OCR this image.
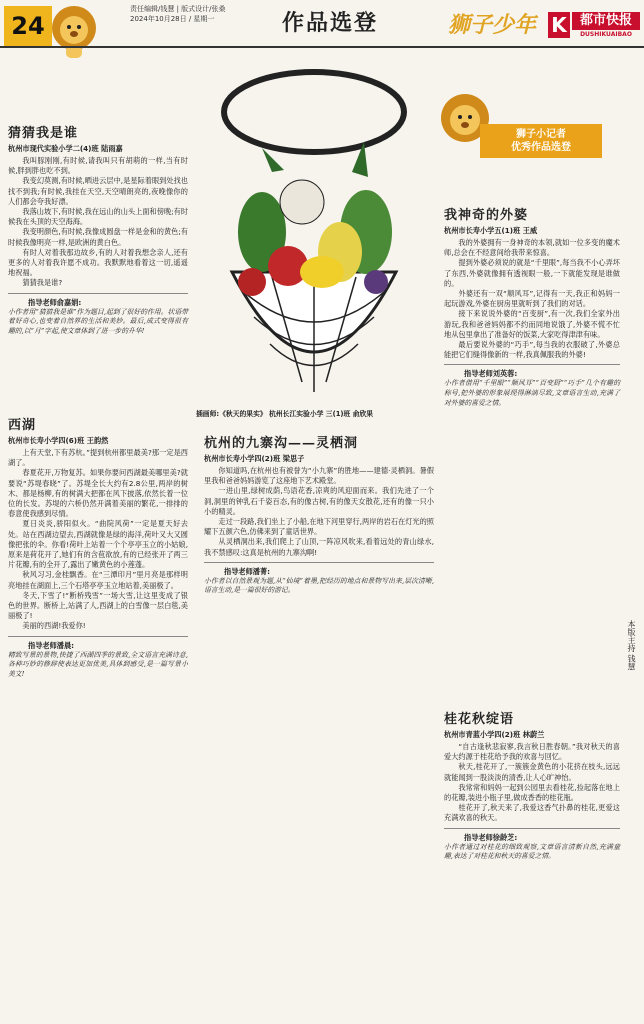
24
责任编辑/钱慧 | 版式设计/张桑
2024年10月28日 / 星期一	作品选登	狮子少年 K	都市快报
DUSHIKUAIBAO
猜猜我是谁
杭州市现代实验小学二(4)班 陆雨嘉

我叫豚刚刚,有时候,请我叫只有胡萌的一样,当有时候,胖到胖也吃不到。

我变幻莫测,有时候,晒进云层中,是星际着眼到处找也找不到我;有时候,我挂在天空,天空晴朗亮的,夜晚像你的人们都会夸我好漂。

我落山坡下,有时候,我在远山的山头上面和傍晚;有时候我在头顶的天空海海。

我变明颜色,有时候,我像成圆盘一样是金和的黄色;有时候我像明亮一样,是欧洲的黄白色。

有时人对着我那边故乡,有的人对着我想念亲人,还有更多的人对着我许愿不成功。我默默地看着这一切,遥遥地祝福。

猜猜我是谁?

指导老师俞嘉娟:
小作者用“猜猜我是谁”作为题目,起到了很好的作用。状语带着好奇心,也变着自然界的生活和美妙。最后,成式变得很有趣的,以“月”字起,使文章体到了进一步的升华!
西湖
杭州市长寿小学四(6)班 王韵然

上有天堂,下有苏杭。”提到杭州都里最美?那一定是西湖了。

春夏花开,万物复苏。如果你要问西湖最美哪里美?就要说“苏堤春晓”了。苏堤全长大约有2.8公里,两岸的树木、都是杨柳,有的树满大把都在风下披落,依然长着一位位的长发。苏堤的六桥仍然开满着美丽的繁花,一排排的春意使我感到尽情。

夏日炎炎,骄阳似火。“曲院风荷”一定是夏天好去处。站在西湖边望去,西湖就像是绿的海洋,荷叶又大又圆像把张的伞。你看!荷叶上站着一个个亭亭玉立的小姑娘,原来是荷花开了,她们有的含苞欲放,有的已经张开了两三片花瓣,有的全开了,露出了嫩黄色的小莲蓬。

秋风习习,金桂飘香。在“三潭印月”里月亮是那样明亮地挂在湖面上,三个石塔亭亭玉立地站着,美丽极了。

冬天,下雪了!“断桥残雪”一场大雪,让这里变成了银色的世界。断桥上,站满了人,西湖上的白雪像一层白毯,美丽极了!

美丽的西湖!我爱你!

指导老师潘晨:
精致写景的景物,快捷了西湖四季的景致,全文语言充满诗意,各种巧妙的修辞使表达更加优美,具体到感受,是一篇写景小美文!
插画师:《秋天的果实》 杭州长江实验小学 三(1)班 俞欣果
杭州的九寨沟——灵栖洞
杭州市长寿小学四(2)班 梁思子

你知道吗,在杭州也有被誉为“小九寨”的胜地——建德·灵栖洞。暑假里我和爸爸妈妈游览了这座地下艺术殿堂。

一进山里,绿树成荫,鸟语花香,凉爽的风迎面而来。我们先进了一个洞,洞里的钟乳石千姿百态,有的像古树,有的像天女散花,还有的像一只小小的精灵。

走过一段路,我们坐上了小船,在地下河里穿行,两岸的岩石在灯光的照耀下五颜六色,仿佛来到了童话世界。

从灵栖洞出来,我们爬上了山顶,一阵凉风吹来,看着远处的青山绿水,我不禁感叹:这真是杭州的九寨沟啊!

指导老师潘菁:
小作者以自然景观为题,从“仙境”着墨,把经历的地点和景物写出来,层次清晰,语言生动,是一篇很好的游记。
狮子小记者
优秀作品选登
我神奇的外婆
杭州市长寿小学五(1)班 王威

我的外婆拥有一身神奇的本领,就如一位多变的魔术师,总会在不经意间给我带来惊喜。

提到外婆必须说的就是“千里眼”,每当我不小心弄坏了东西,外婆就像拥有透视眼一般,一下就能发现是谁做的。

外婆还有一双“顺风耳”,记得有一天,我正和妈妈一起玩游戏,外婆在厨房里就听到了我们的对话。

接下来说说外婆的“百变厨”,有一次,我们全家外出游玩,我和爸爸妈妈都不约而同地说饿了,外婆不慌不忙地从包里拿出了准备好的饭菜,大家吃得津津有味。

最后要说外婆的“巧手”,每当我的衣服破了,外婆总能把它们缝得像新的一样,我真佩服我的外婆!

指导老师刘英蓉:
小作者借用“千里眼”“顺风耳”“百变厨”“巧手”几个有趣的称号,把外婆的形象展现得淋漓尽致,文章语言生动,充满了对外婆的喜爱之情。
桂花秋绽语
杭州市青蓝小学四(2)班 林蔚兰

“自古逢秋悲寂寥,我言秋日胜春朝。”我对秋天的喜爱大约源于桂花给予我的欢喜与回忆。

秋天,桂花开了,一簇簇金黄色的小花挤在枝头,远远就能闻到一股淡淡的清香,让人心旷神怡。

我常常和妈妈一起到公园里去看桂花,捡起落在地上的花瓣,装进小瓶子里,做成香香的桂花瓶。

桂花开了,秋天来了,我爱这香气扑鼻的桂花,更爱这充满欢喜的秋天。

指导老师徐龄芝:
小作者通过对桂花的细致观察,文章语言清新自然,充满童趣,表达了对桂花和秋天的喜爱之情。
本版主持 钱慧
